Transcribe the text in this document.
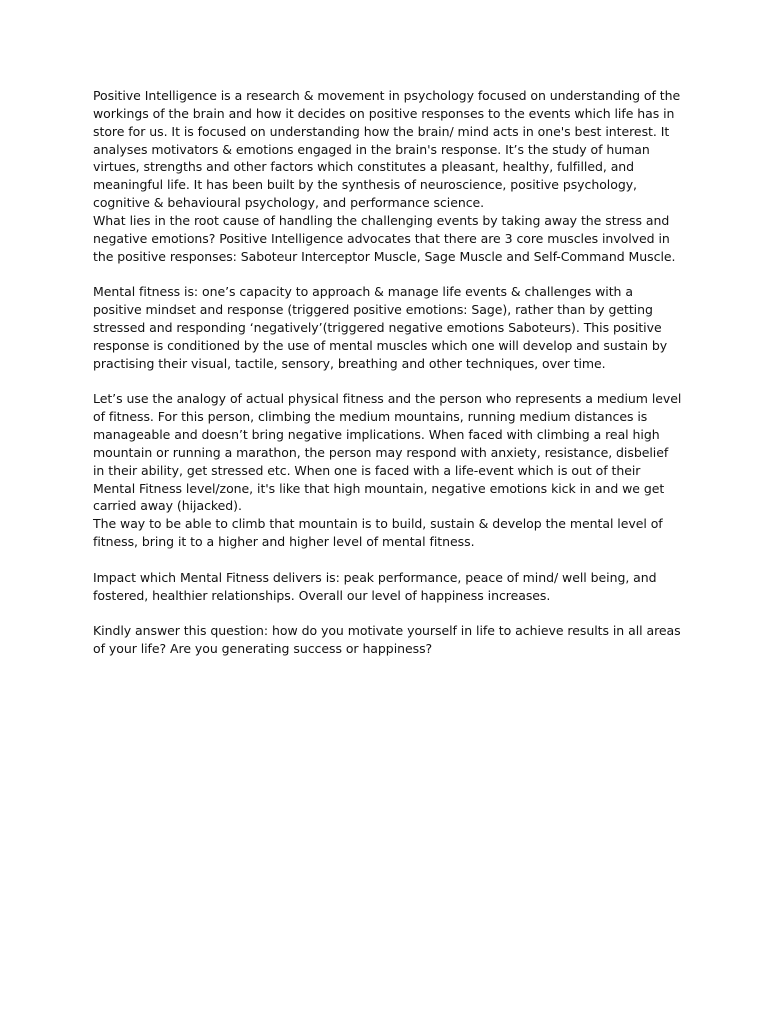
Positive Intelligence is a research & movement in psychology focused on understanding of the workings of the brain and how it decides on positive responses to the events which life has in store for us. It is focused on understanding how the brain/ mind acts in one's best interest. It analyses motivators & emotions engaged in the brain's response. It’s the study of human virtues, strengths and other factors which constitutes a pleasant, healthy, fulfilled, and meaningful life. It has been built by the synthesis of neuroscience, positive psychology, cognitive & behavioural psychology, and performance science.

What lies in the root cause of handling the challenging events by taking away the stress and negative emotions? Positive Intelligence advocates that there are 3 core muscles involved in the positive responses: Saboteur Interceptor Muscle, Sage Muscle and Self-Command Muscle.

Mental fitness is: one’s capacity to approach & manage life events & challenges with a positive mindset and response (triggered positive emotions: Sage), rather than by getting stressed and responding ‘negatively’(triggered negative emotions Saboteurs). This positive response is conditioned by the use of mental muscles which one will develop and sustain by practising their visual, tactile, sensory, breathing and other techniques, over time.

Let’s use the analogy of actual physical fitness and the person who represents a medium level of fitness. For this person, climbing the medium mountains, running medium distances is manageable and doesn’t bring negative implications. When faced with climbing a real high mountain or running a marathon, the person may respond with anxiety, resistance, disbelief in their ability, get stressed etc. When one is faced with a life-event which is out of their Mental Fitness level/zone, it's like that high mountain, negative emotions kick in and we get carried away (hijacked).

The way to be able to climb that mountain is to build, sustain & develop the mental level of fitness, bring it to a higher and higher level of mental fitness.

Impact which Mental Fitness delivers is: peak performance, peace of mind/ well being, and fostered, healthier relationships. Overall our level of happiness increases.

Kindly answer this question: how do you motivate yourself in life to achieve results in all areas of your life? Are you generating success or happiness?
